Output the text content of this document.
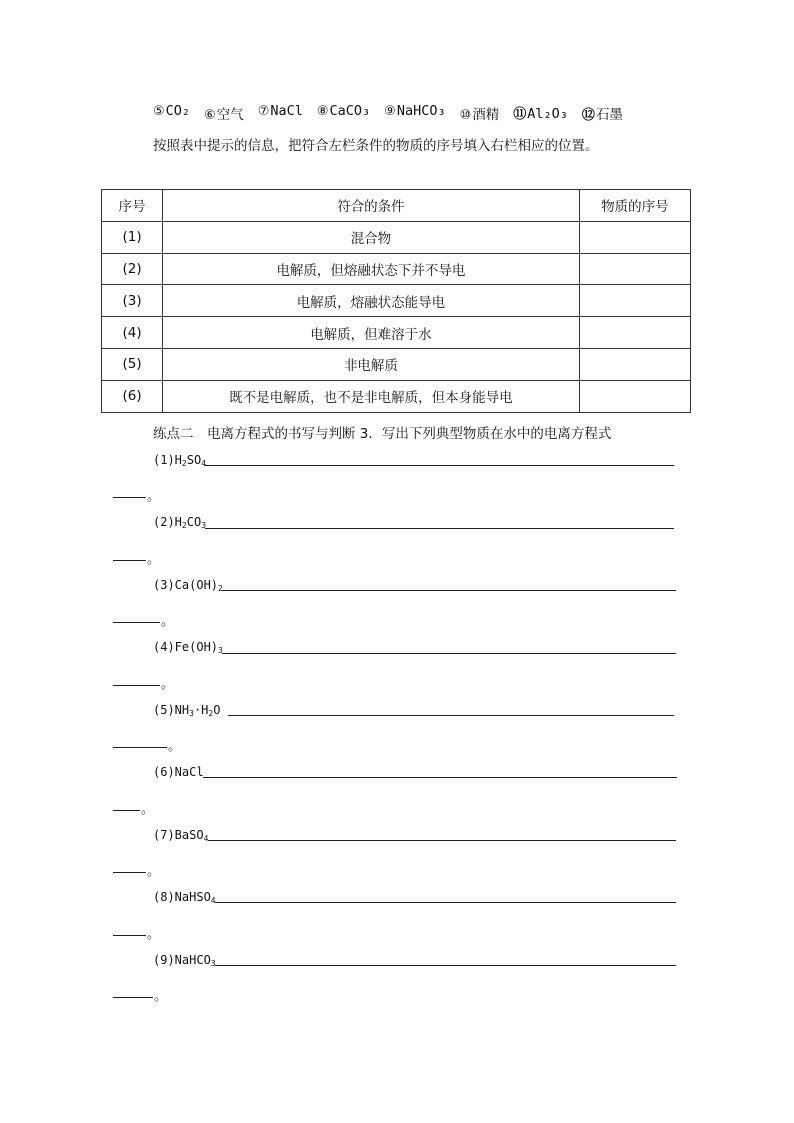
⑤ CO₂ ⑥ 空气 ⑦ NaCl ⑧ CaCO₃ ⑨ NaHCO₃ ⑩ 酒精 ⑪ Al₂O₃ ⑫ 石墨
按照表中提示的信息，把符合左栏条件的物质的序号填入右栏相应的位置。
序号	符合的条件	物质的序号
(1)	混合物	
(2)	电解质，但熔融状态下并不导电	
(3)	电解质，熔融状态能导电	
(4)	电解质，但难溶于水	
(5)	非电解质	
(6)	既不是电解质，也不是非电解质，但本身能导电	
练点二　电离方程式的书写与判断 3．写出下列典型物质在水中的电离方程式
$(1)H_2SO_4$
$(2)H_2CO_3$
$(3)Ca(OH)_2$
$(4)Fe(OH)_3$
$(5)NH_3\cdot H_2O$
(6)NaCl
(7)BaSO$_4$
(8)NaHSO$_4$
(9)NaHCO$_3$
。
。
。
。
。
。
。
。
。
